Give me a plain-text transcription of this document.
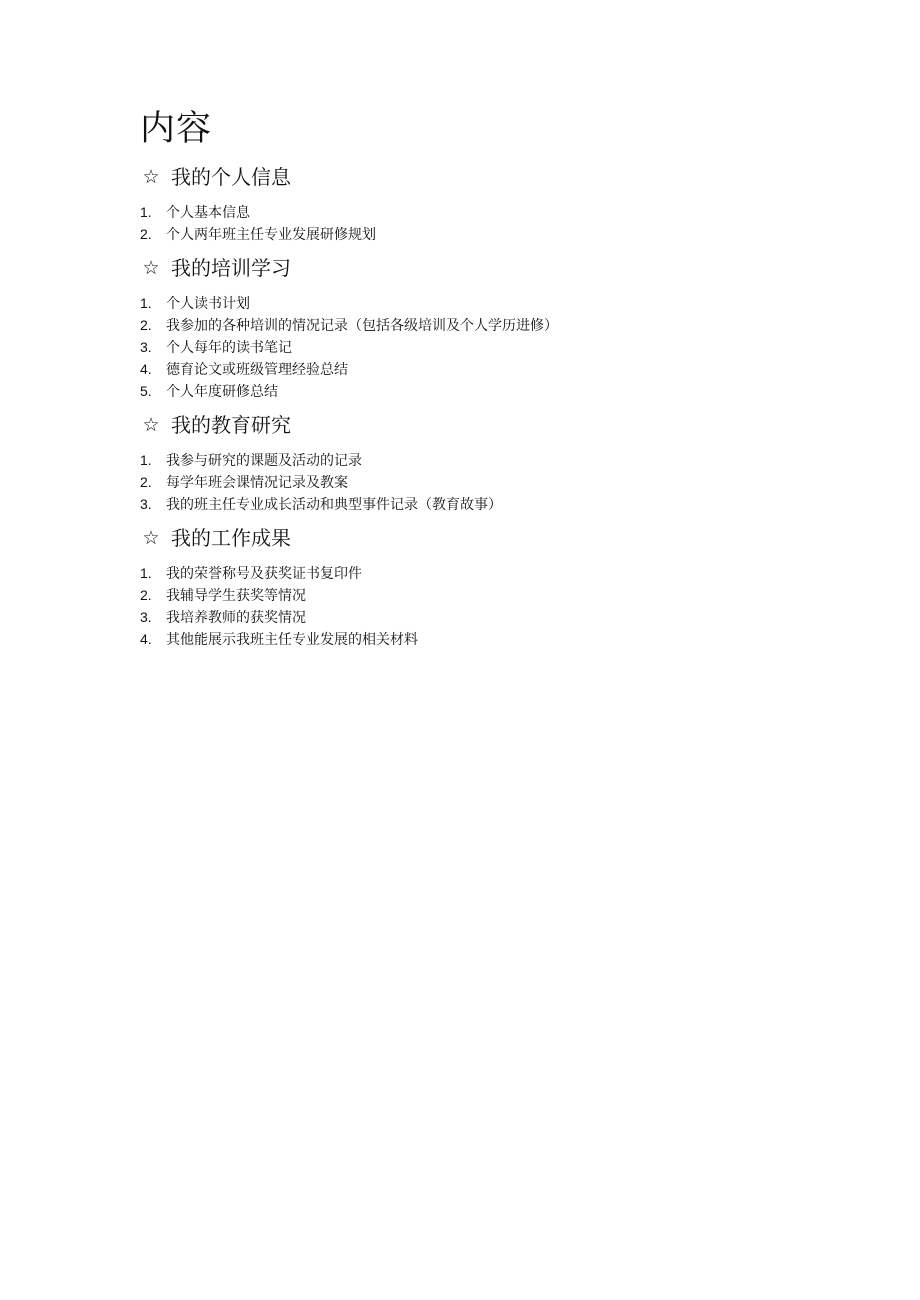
内容
☆ 我的个人信息
1.	个人基本信息
2.	个人两年班主任专业发展研修规划
☆ 我的培训学习
1.	个人读书计划
2.	我参加的各种培训的情况记录（包括各级培训及个人学历进修）
3.	个人每年的读书笔记
4.	德育论文或班级管理经验总结
5.	个人年度研修总结
☆ 我的教育研究
1.	我参与研究的课题及活动的记录
2.	每学年班会课情况记录及教案
3.	我的班主任专业成长活动和典型事件记录（教育故事）
☆ 我的工作成果
1.	我的荣誉称号及获奖证书复印件
2.	我辅导学生获奖等情况
3.	我培养教师的获奖情况
4.	其他能展示我班主任专业发展的相关材料
